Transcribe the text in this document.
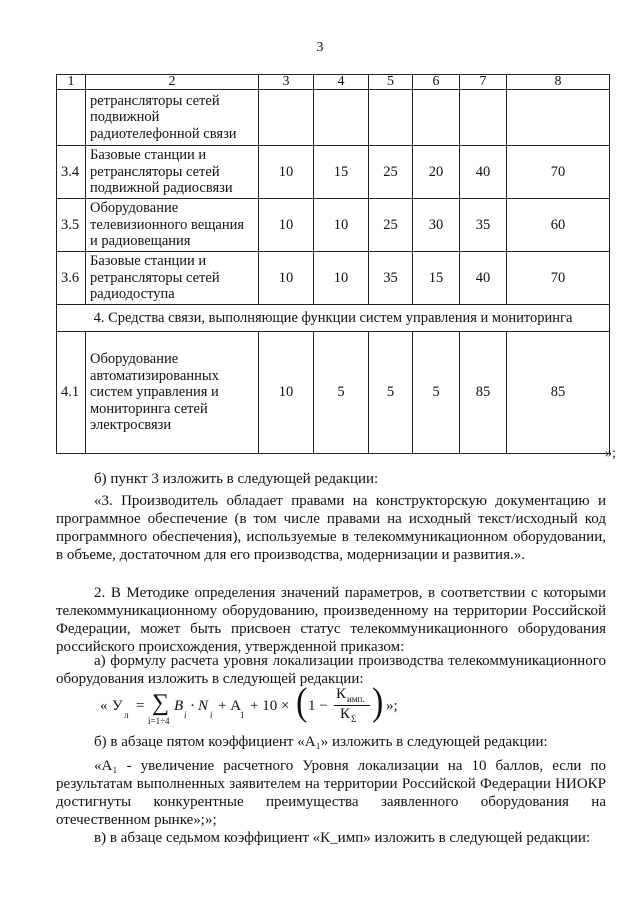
3
1	2	3	4	5	6	7	8
	ретрансляторы сетей подвижной радиотелефонной связи						
3.4	Базовые станции и ретрансляторы сетей подвижной радиосвязи	10	15	25	20	40	70
3.5	Оборудование телевизионного вещания и радиовещания	10	10	25	30	35	60
3.6	Базовые станции и ретрансляторы сетей радиодоступа	10	10	35	15	40	70
4. Средства связи, выполняющие функции систем управления и мониторинга							
4.1	Оборудование автоматизированных систем управления и мониторинга сетей электросвязи	10	5	5	5	85	85
»;

б) пункт 3 изложить в следующей редакции:

«3. Производитель обладает правами на конструкторскую документацию и программное обеспечение (в том числе правами на исходный текст/исходный код программного обеспечения), используемые в телекоммуникационном оборудовании, в объеме, достаточном для его производства, модернизации и развития.».

2. В Методике определения значений параметров, в соответствии с которыми телекоммуникационному оборудованию, произведенному на территории Российской Федерации, может быть присвоен статус телекоммуникационного оборудования российского происхождения, утвержденной приказом:

а) формулу расчета уровня локализации производства телекоммуникационного оборудования изложить в следующей редакции:

« У
л
= ∑
i=1÷4
B
i
· N
i
+ А
1
+ 10 × ( 1 −
К имп.
К Σ ) »;

б) в абзаце пятом коэффициент «А₁» изложить в следующей редакции:

«А₁ - увеличение расчетного Уровня локализации на 10 баллов, если по результатам выполненных заявителем на территории Российской Федерации НИОКР достигнуты конкурентные преимущества заявленного оборудования на отечественном рынке»;»;

в) в абзаце седьмом коэффициент «К_имп» изложить в следующей редакции:
